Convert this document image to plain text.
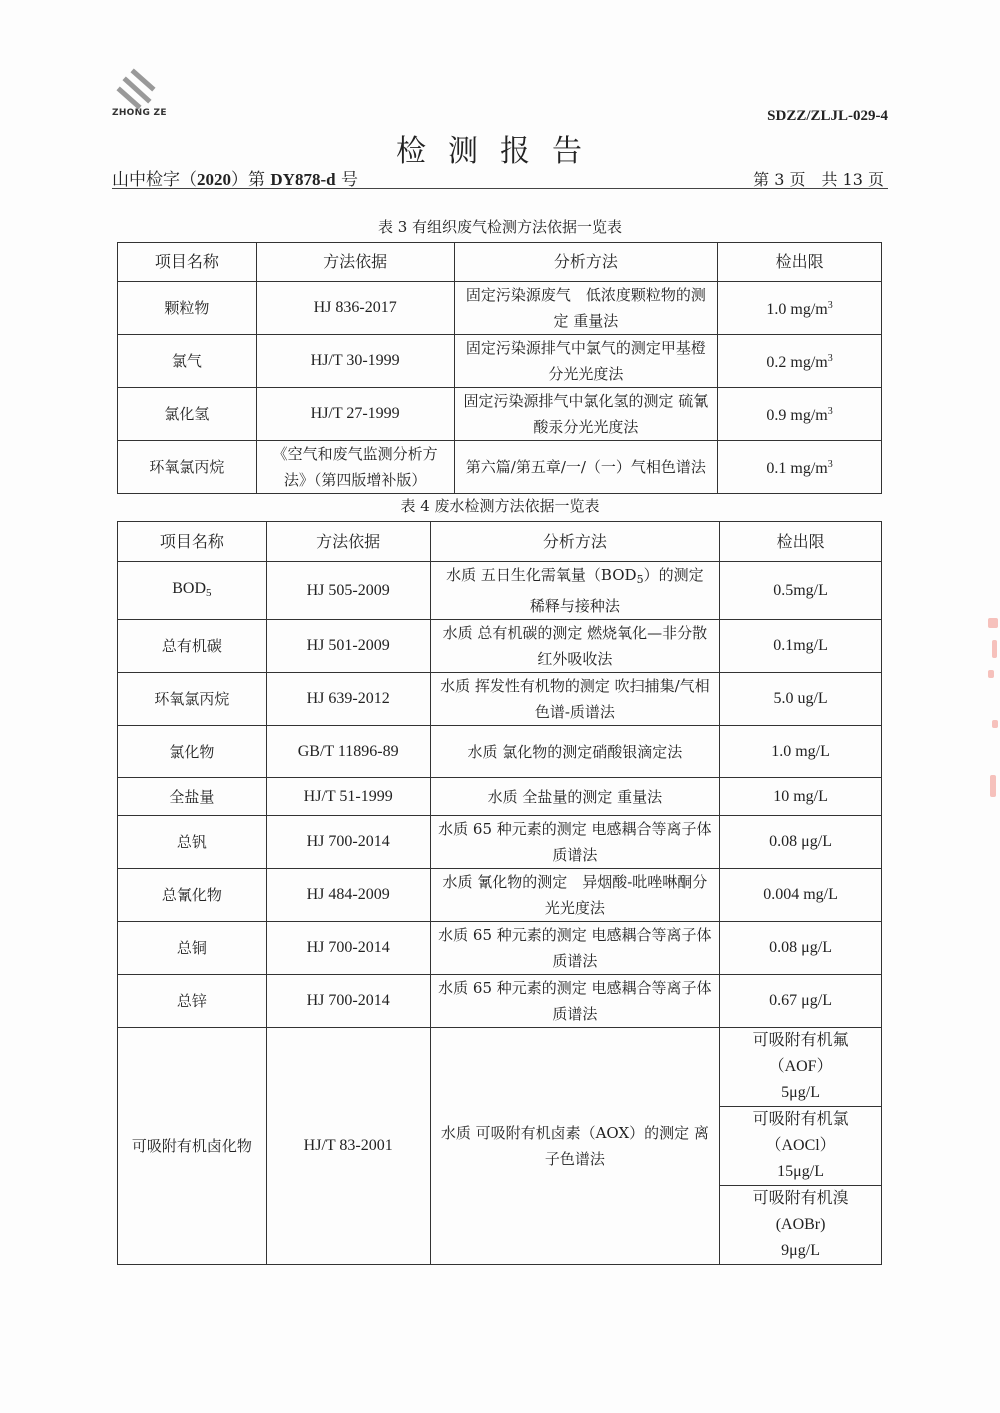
ZHONG ZE	SDZZ/ZLJL-029-4
检测报告
山中检字（2020）第 DY878-d 号	第 3 页　共 13 页
表 3 有组织废气检测方法依据一览表
项目名称	方法依据	分析方法	检出限
颗粒物	HJ 836-2017	固定污染源废气　低浓度颗粒物的测定 重量法	1.0 $mg/m^3$
氯气	HJ/T 30-1999	固定污染源排气中氯气的测定甲基橙分光光度法	0.2 $mg/m^3$
氯化氢	HJ/T 27-1999	固定污染源排气中氯化氢的测定 硫氰酸汞分光光度法	0.9 $mg/m^3$
环氧氯丙烷	《空气和废气监测分析方法》（第四版增补版）	第六篇/第五章/一/（一）气相色谱法	0.1 $mg/m^3$
表 4 废水检测方法依据一览表
项目名称	方法依据	分析方法	检出限
$BOD_5$	HJ 505-2009	水质 五日生化需氧量$(BOD_5)$的测定　稀释与接种法	0.5mg/L
总有机碳	HJ 501-2009	水质 总有机碳的测定 燃烧氧化—非分散红外吸收法	0.1mg/L
环氧氯丙烷	HJ 639-2012	水质 挥发性有机物的测定 吹扫捕集/气相色谱-质谱法	5.0 ug/L
氯化物	GB/T 11896-89	水质 氯化物的测定硝酸银滴定法	1.0 mg/L
全盐量	HJ/T 51-1999	水质 全盐量的测定 重量法	10 mg/L
总钒	HJ 700-2014	水质 65 种元素的测定 电感耦合等离子体质谱法	0.08 μg/L
总氰化物	HJ 484-2009	水质 氰化物的测定　异烟酸-吡唑啉酮分光光度法	0.004 mg/L
总铜	HJ 700-2014	水质 65 种元素的测定 电感耦合等离子体质谱法	0.08 μg/L
总锌	HJ 700-2014	水质 65 种元素的测定 电感耦合等离子体质谱法	0.67 μg/L
可吸附有机卤化物	HJ/T 83-2001	水质 可吸附有机卤素（AOX）的测定 离子色谱法	可吸附有机氟
（AOF）
5μg/L

			可吸附有机氯
（AOCl）
15μg/L

			可吸附有机溴
(AOBr)
9μg/L
